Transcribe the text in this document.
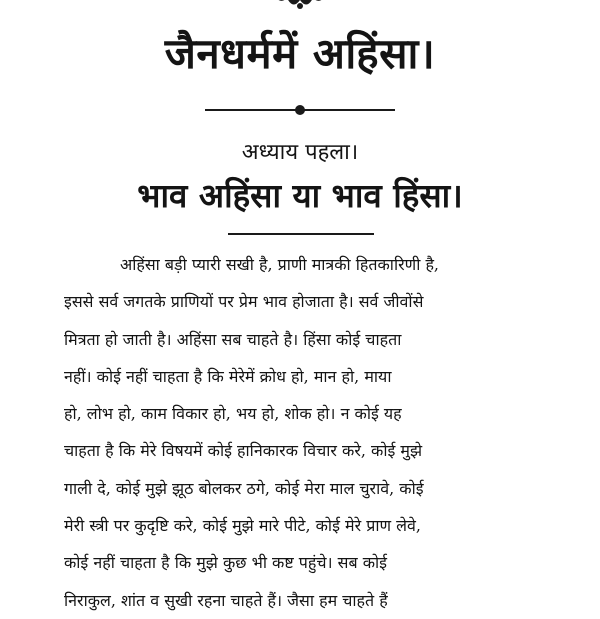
जैनधर्ममें अहिंसा।
अध्याय पहला।
भाव अहिंसा या भाव हिंसा।
अहिंसा बड़ी प्यारी सखी है, प्राणी मात्रकी हितकारिणी है,
इससे सर्व जगतके प्राणियों पर प्रेम भाव होजाता है। सर्व जीवोंसे
मित्रता हो जाती है। अहिंसा सब चाहते है। हिंसा कोई चाहता
नहीं। कोई नहीं चाहता है कि मेरेमें क्रोध हो, मान हो, माया
हो, लोभ हो, काम विकार हो, भय हो, शोक हो। न कोई यह
चाहता है कि मेरे विषयमें कोई हानिकारक विचार करे, कोई मुझे
गाली दे, कोई मुझे झूठ बोलकर ठगे, कोई मेरा माल चुरावे, कोई
मेरी स्त्री पर कुदृष्टि करे, कोई मुझे मारे पीटे, कोई मेरे प्राण लेवे,
कोई नहीं चाहता है कि मुझे कुछ भी कष्ट पहुंचे। सब कोई
निराकुल, शांत व सुखी रहना चाहते हैं। जैसा हम चाहते हैं
